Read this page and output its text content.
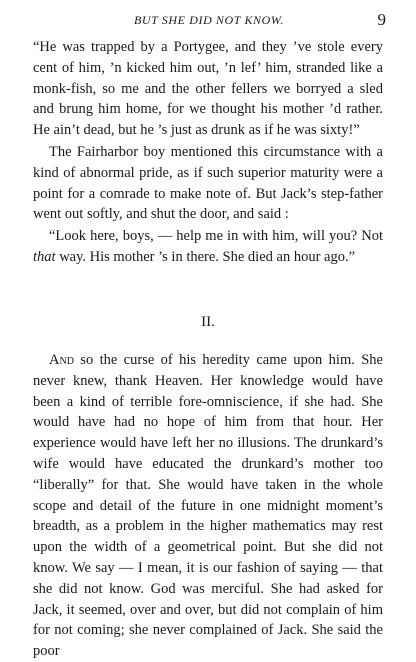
BUT SHE DID NOT KNOW.	9

“He was trapped by a Portygee, and they ’ve stole every cent of him, ’n kicked him out, ’n lef’ him, stranded like a monk-fish, so me and the other fellers we borryed a sled and brung him home, for we thought his mother ’d rather. He ain’t dead, but he ’s just as drunk as if he was sixty!”

The Fairharbor boy mentioned this circumstance with a kind of abnormal pride, as if such superior maturity were a point for a comrade to make note of. But Jack’s step-father went out softly, and shut the door, and said :

“Look here, boys, — help me in with him, will you? Not that way. His mother ’s in there. She died an hour ago.”

II.

And so the curse of his heredity came upon him. She never knew, thank Heaven. Her knowledge would have been a kind of terrible fore-omniscience, if she had. She would have had no hope of him from that hour. Her experience would have left her no illusions. The drunkard’s wife would have educated the drunkard’s mother too “liberally” for that. She would have taken in the whole scope and detail of the future in one midnight moment’s breadth, as a problem in the higher mathematics may rest upon the width of a geometrical point. But she did not know. We say — I mean, it is our fashion of saying — that she did not know. God was merciful. She had asked for Jack, it seemed, over and over, but did not complain of him for not coming; she never complained of Jack. She said the poor
